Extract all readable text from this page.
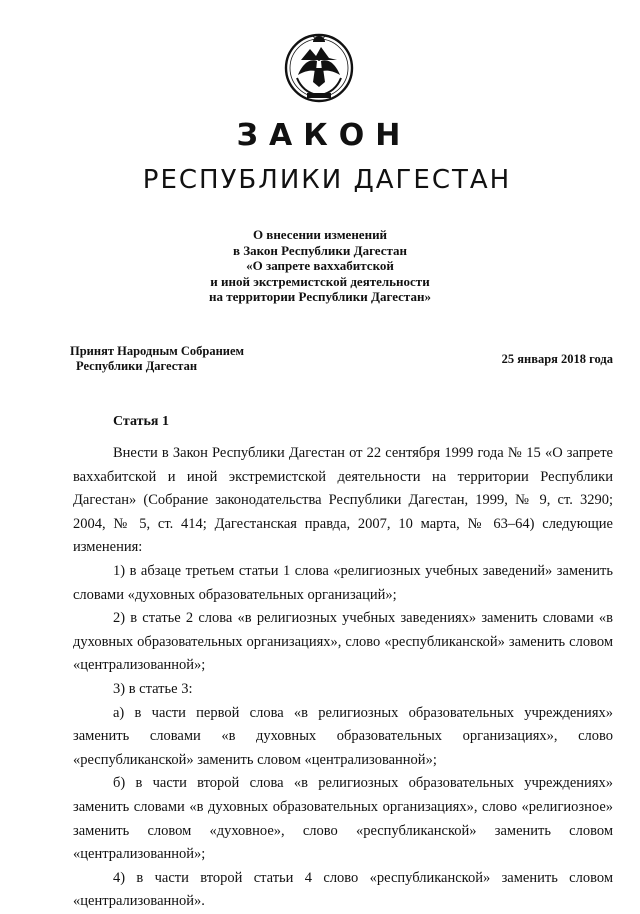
ЗАКОН
РЕСПУБЛИКИ ДАГЕСТАН
О внесении изменений
в Закон Республики Дагестан
«О запрете ваххабитской
и иной экстремистской деятельности
на территории Республики Дагестан»
Принят Народным Собранием
Республики Дагестан	25 января 2018 года
Статья 1

Внести в Закон Республики Дагестан от 22 сентября 1999 года № 15 «О запрете ваххабитской и иной экстремистской деятельности на территории Республики Дагестан» (Собрание законодательства Республики Дагестан, 1999, № 9, ст. 3290; 2004, № 5, ст. 414; Дагестанская правда, 2007, 10 марта, № 63–64) следующие изменения:

1) в абзаце третьем статьи 1 слова «религиозных учебных заведений» заменить словами «духовных образовательных организаций»;

2) в статье 2 слова «в религиозных учебных заведениях» заменить словами «в духовных образовательных организациях», слово «республиканской» заменить словом «централизованной»;

3) в статье 3:

а) в части первой слова «в религиозных образовательных учреждениях» заменить словами «в духовных образовательных организациях», слово «республиканской» заменить словом «централизованной»;

б) в части второй слова «в религиозных образовательных учреждениях» заменить словами «в духовных образовательных организациях», слово «религиозное» заменить словом «духовное», слово «республиканской» заменить словом «централизованной»;

4) в части второй статьи 4 слово «республиканской» заменить словом «централизованной».
